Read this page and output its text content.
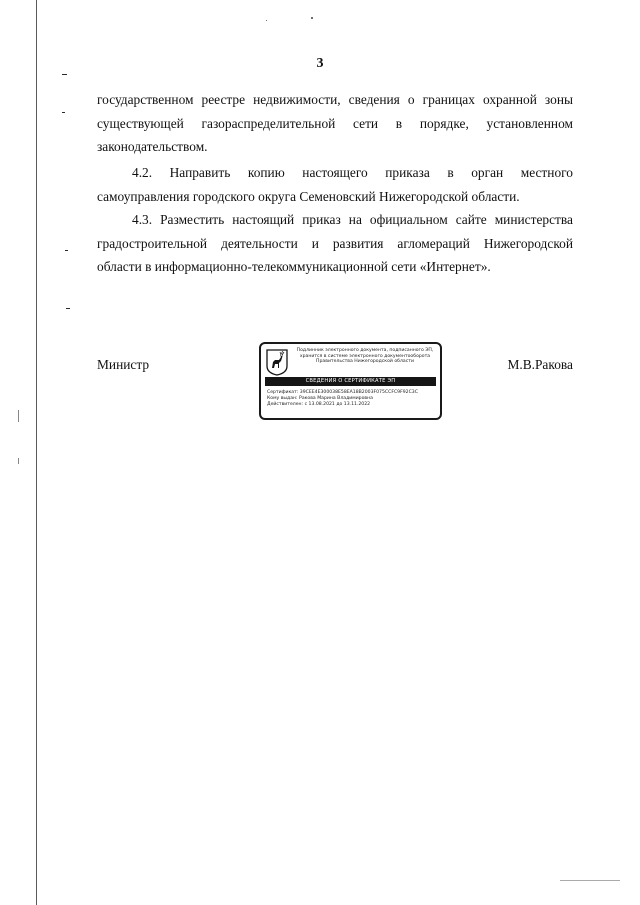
3
государственном реестре недвижимости, сведения о границах охранной зоны
существующей газораспределительной сети в порядке, установленном
законодательством.
4.2. Направить копию настоящего приказа в орган местного
самоуправления городского округа Семеновский Нижегородской области.
4.3. Разместить настоящий приказ на официальном сайте министерства
градостроительной деятельности и развития агломераций Нижегородской
области в информационно-телекоммуникационной сети «Интернет».
Министр	М.В.Ракова
Подлинник электронного документа, подписанного ЭП,
хранится в системе электронного документооборота
Правительства Нижегородской области
СВЕДЕНИЯ О СЕРТИФИКАТЕ ЭП
Сертификат: 39CEE4E300038E58EA18B2003F075CCFC9F92C3C
Кому выдан: Ракова Марина Владимировна
Действителен: с 13.08.2021 до 13.11.2022
